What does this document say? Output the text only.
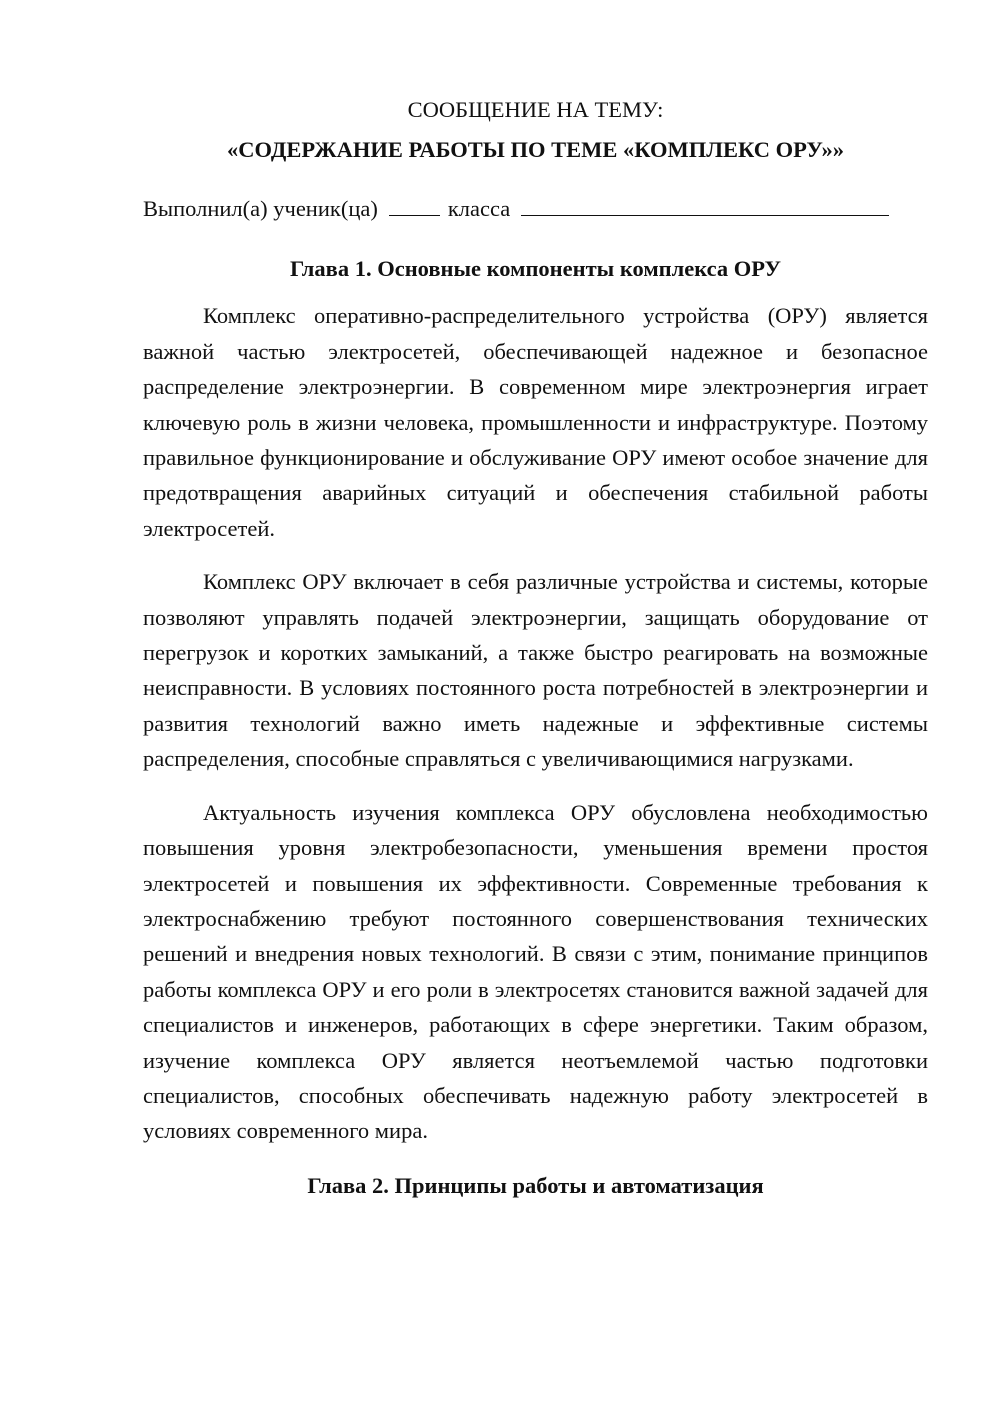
СООБЩЕНИЕ НА ТЕМУ:

«СОДЕРЖАНИЕ РАБОТЫ ПО ТЕМЕ «КОМПЛЕКС ОРУ»»

Выполнил(а) ученик(ца)	класса

Глава 1. Основные компоненты комплекса ОРУ

Комплекс оперативно-распределительного устройства (ОРУ) является важной частью электросетей, обеспечивающей надежное и безопасное распределение электроэнергии. В современном мире электроэнергия играет ключевую роль в жизни человека, промышленности и инфраструктуре. Поэтому правильное функционирование и обслуживание ОРУ имеют особое значение для предотвращения аварийных ситуаций и обеспечения стабильной работы электросетей.

Комплекс ОРУ включает в себя различные устройства и системы, которые позволяют управлять подачей электроэнергии, защищать оборудование от перегрузок и коротких замыканий, а также быстро реагировать на возможные неисправности. В условиях постоянного роста потребностей в электроэнергии и развития технологий важно иметь надежные и эффективные системы распределения, способные справляться с увеличивающимися нагрузками.

Актуальность изучения комплекса ОРУ обусловлена необходимостью повышения уровня электробезопасности, уменьшения времени простоя электросетей и повышения их эффективности. Современные требования к электроснабжению требуют постоянного совершенствования технических решений и внедрения новых технологий. В связи с этим, понимание принципов работы комплекса ОРУ и его роли в электросетях становится важной задачей для специалистов и инженеров, работающих в сфере энергетики. Таким образом, изучение комплекса ОРУ является неотъемлемой частью подготовки специалистов, способных обеспечивать надежную работу электросетей в условиях современного мира.

Глава 2. Принципы работы и автоматизация
